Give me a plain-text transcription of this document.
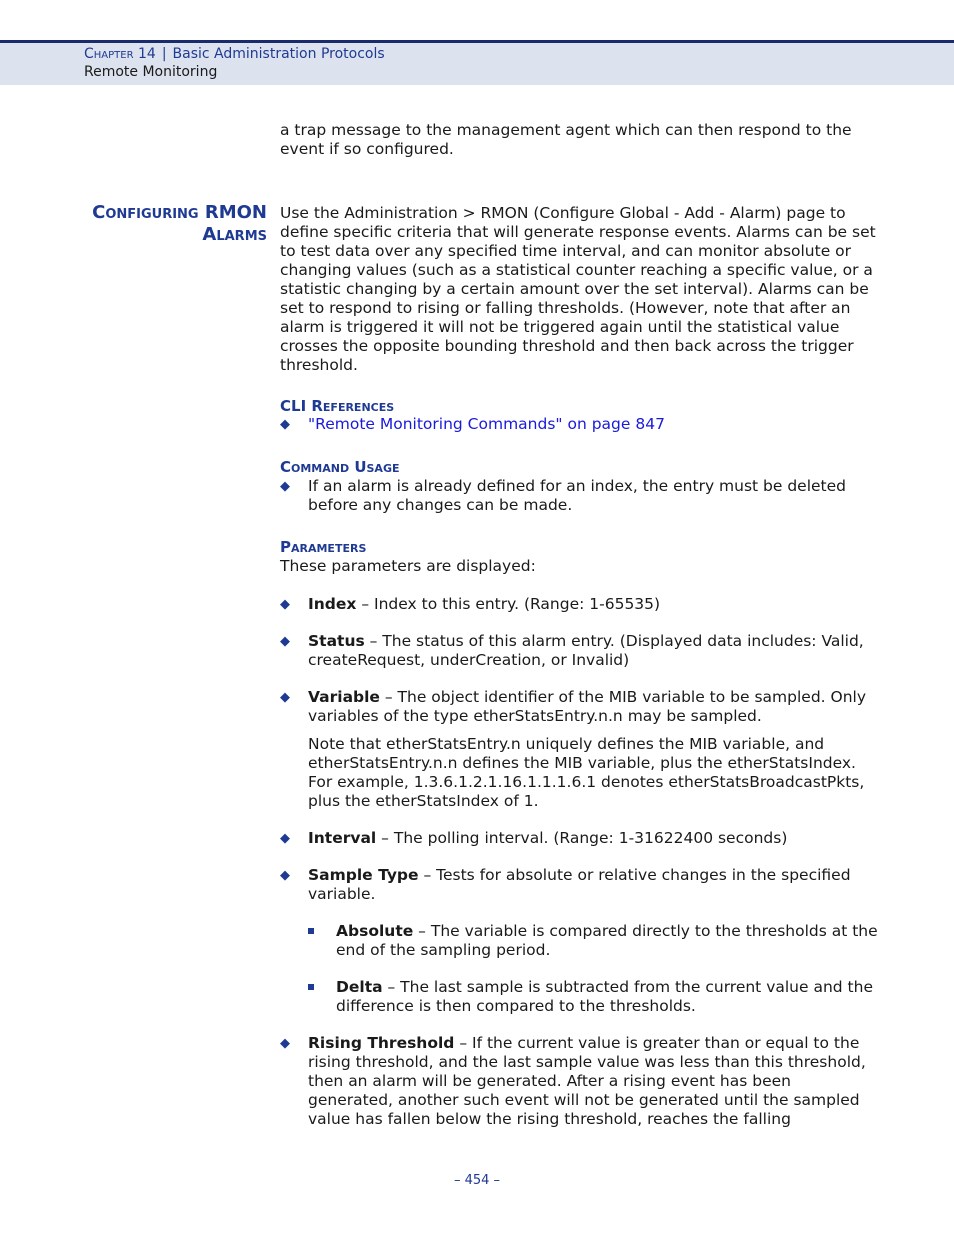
Chapter 14 | Basic Administration Protocols
Remote Monitoring

a trap message to the management agent which can then respond to the event if so configured.

Configuring RMON
Alarms

Use the Administration > RMON (Configure Global - Add - Alarm) page to define specific criteria that will generate response events. Alarms can be set to test data over any specified time interval, and can monitor absolute or changing values (such as a statistical counter reaching a specific value, or a statistic changing by a certain amount over the set interval). Alarms can be set to respond to rising or falling thresholds. (However, note that after an alarm is triggered it will not be triggered again until the statistical value crosses the opposite bounding threshold and then back across the trigger threshold.

CLI References
◆ "Remote Monitoring Commands" on page 847
Command Usage
◆ If an alarm is already defined for an index, the entry must be deleted before any changes can be made.
Parameters

These parameters are displayed:

◆ Index – Index to this entry. (Range: 1-65535)
◆ Status – The status of this alarm entry. (Displayed data includes: Valid, createRequest, underCreation, or Invalid)
◆ Variable – The object identifier of the MIB variable to be sampled. Only variables of the type etherStatsEntry.n.n may be sampled.

Note that etherStatsEntry.n uniquely defines the MIB variable, and etherStatsEntry.n.n defines the MIB variable, plus the etherStatsIndex. For example, 1.3.6.1.2.1.16.1.1.1.6.1 denotes etherStatsBroadcastPkts, plus the etherStatsIndex of 1.

◆ Interval – The polling interval. (Range: 1-31622400 seconds)
◆ Sample Type – Tests for absolute or relative changes in the specified variable.
Absolute – The variable is compared directly to the thresholds at the end of the sampling period.
Delta – The last sample is subtracted from the current value and the difference is then compared to the thresholds.
◆ Rising Threshold – If the current value is greater than or equal to the rising threshold, and the last sample value was less than this threshold, then an alarm will be generated. After a rising event has been generated, another such event will not be generated until the sampled value has fallen below the rising threshold, reaches the falling
– 454 –
